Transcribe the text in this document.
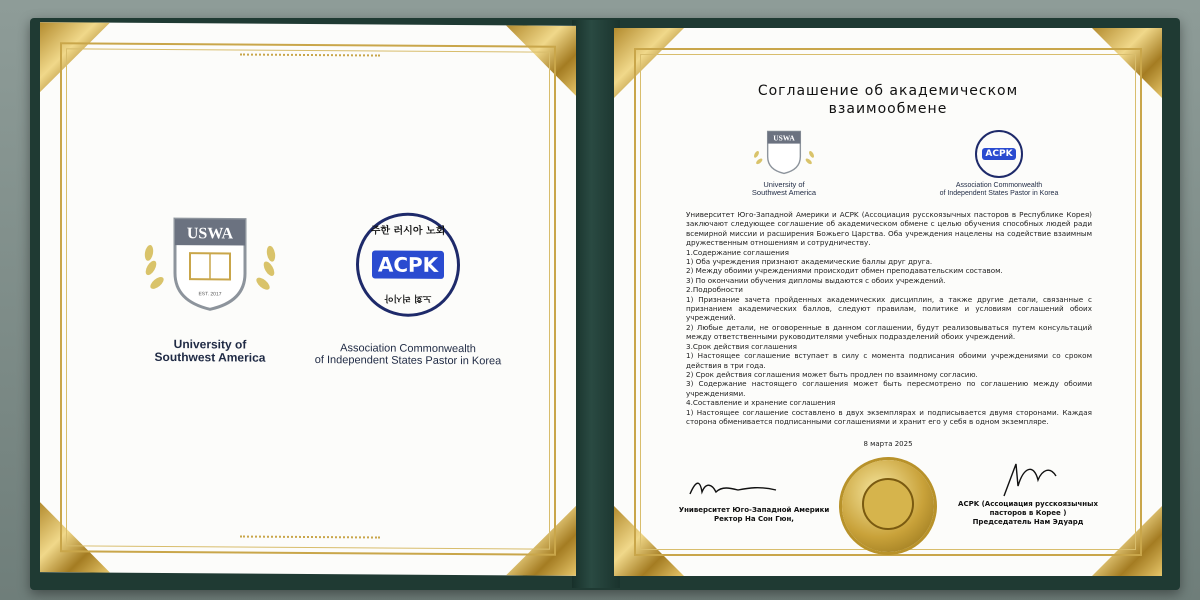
USWA
EST. 2017
University of
Southwest America
주한 러시아 노회
ACPK
노회 러시아
Association Commonwealth
of Independent States Pastor in Korea
Соглашение об академическом
взаимообмене
USWA
University of
Southwest America
ACPK
Association Commonwealth
of Independent States Pastor in Korea

Университет Юго-Западной Америки и ACPK (Ассоциация русскоязычных пасторов в Республике Корея) заключают следующее соглашение об академическом обмене с целью обучения способных людей ради всемирной миссии и расширения Божьего Царства. Оба учреждения нацелены на содействие взаимным дружественным отношениям и сотрудничеству.

1.Содержание соглашения

1) Оба учреждения признают академические баллы друг друга.

2) Между обоими учреждениями происходит обмен преподавательским составом.

3) По окончании обучения дипломы выдаются с обоих учреждений.

2.Подробности

1) Признание зачета пройденных академических дисциплин, а также другие детали, связанные с признанием академических баллов, следуют правилам, политике и условиям соглашений обоих учреждений.

2) Любые детали, не оговоренные в данном соглашении, будут реализовываться путем консультаций между ответственными руководителями учебных подразделений обоих учреждений.

3.Срок действия соглашения

1) Настоящее соглашение вступает в силу с момента подписания обоими учреждениями со сроком действия в три года.

2) Срок действия соглашения может быть продлен по взаимному согласию.

3) Содержание настоящего соглашения может быть пересмотрено по соглашению между обоими учреждениями.

4.Составление и хранение соглашения

1) Настоящее соглашение составлено в двух экземплярах и подписывается двумя сторонами. Каждая сторона обменивается подписанными соглашениями и хранит его у себя в одном экземпляре.

8 марта 2025
Университет Юго-Западной Америки
Ректор На Сон Гюн,
ACPK (Ассоциация русскоязычных
пасторов в Корее )
Председатель Нам Эдуард
